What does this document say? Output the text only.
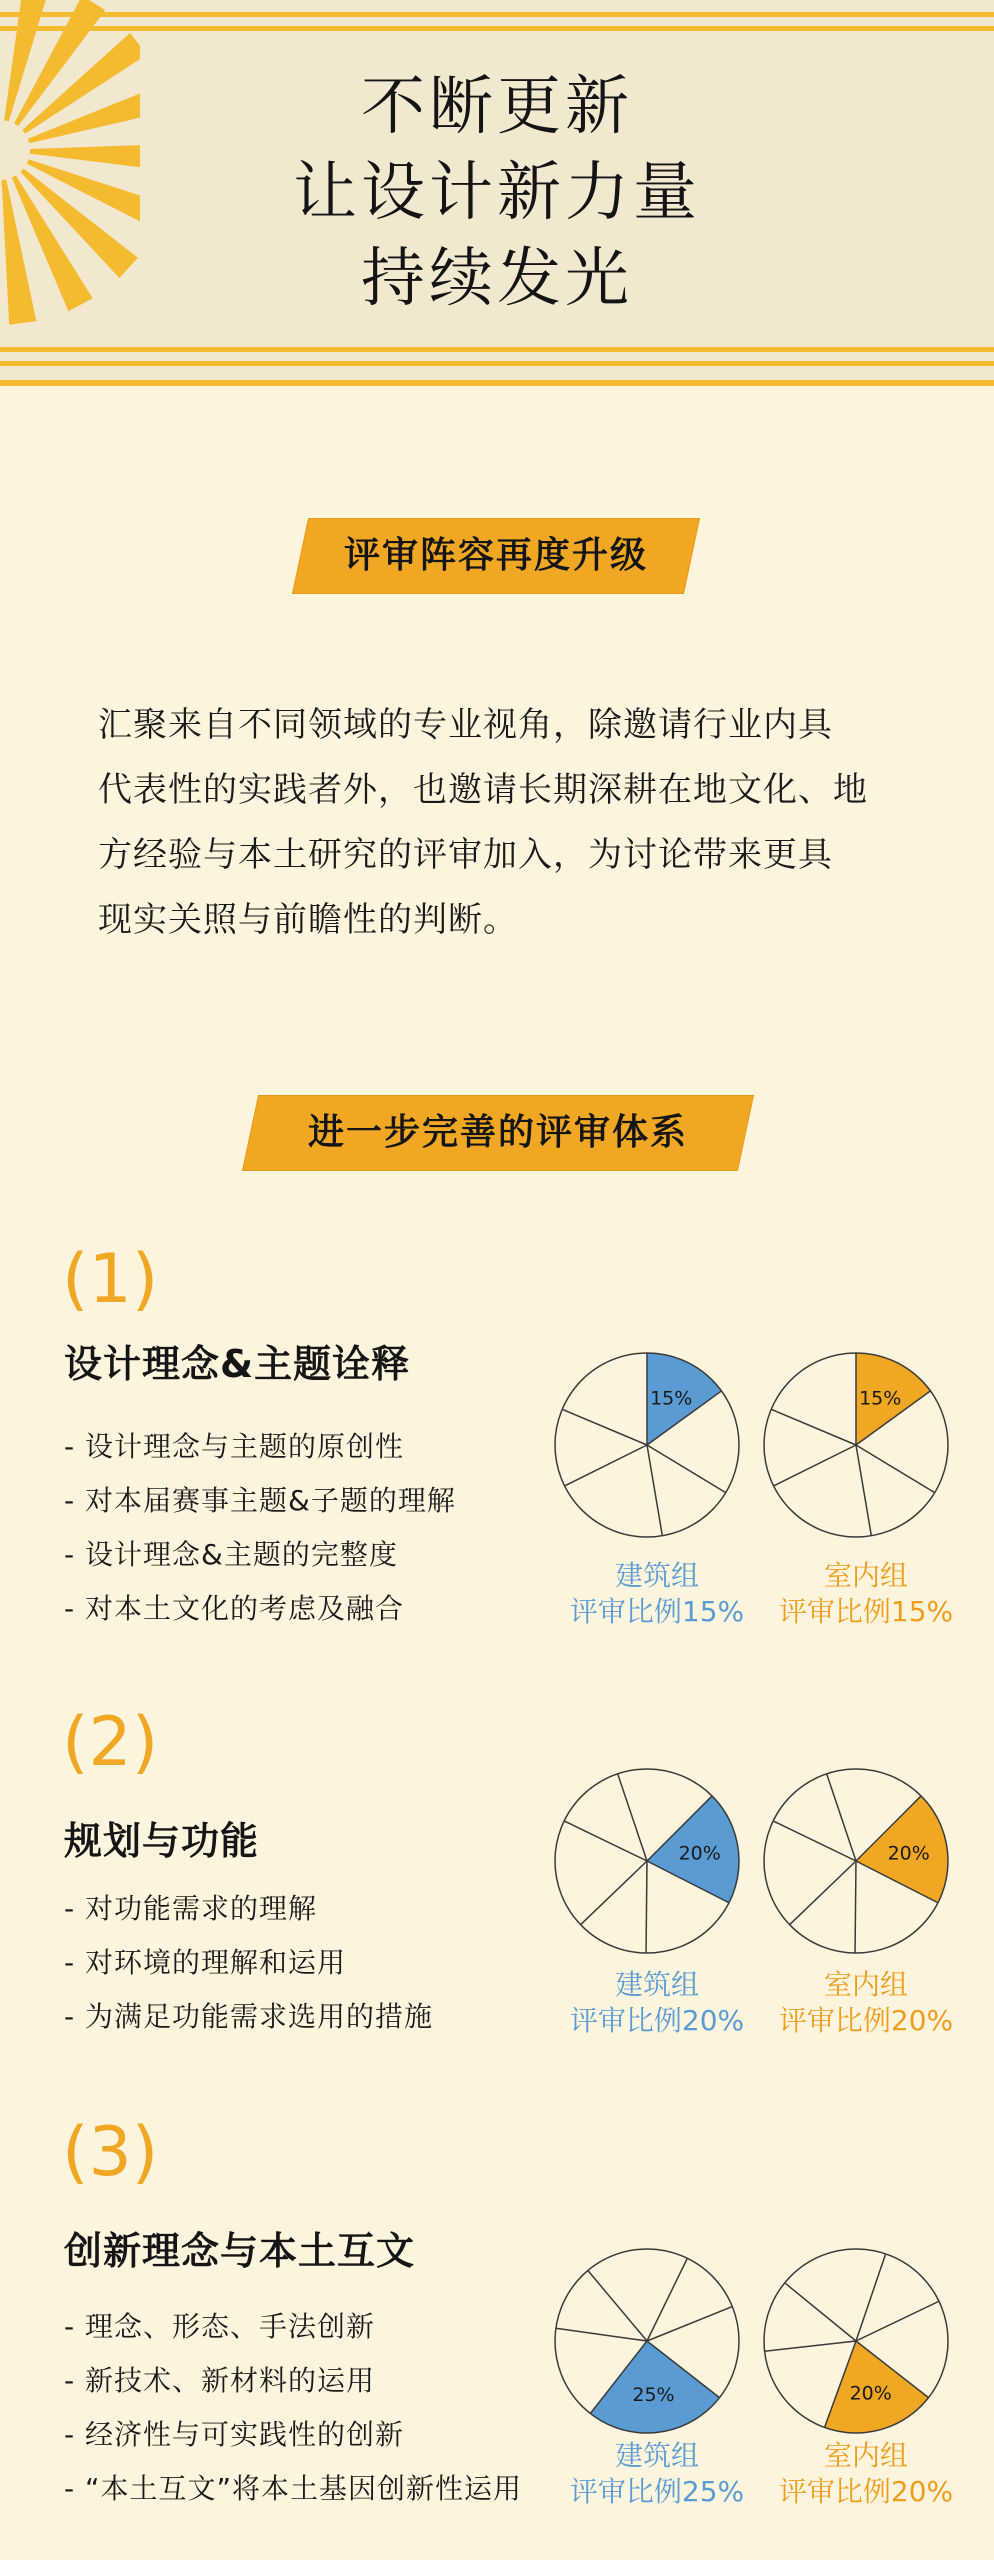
不断更新
让设计新力量
持续发光
评审阵容再度升级
汇聚来自不同领域的专业视角，除邀请行业内具
代表性的实践者外，也邀请长期深耕在地文化、地
方经验与本土研究的评审加入，为讨论带来更具
现实关照与前瞻性的判断。
进一步完善的评审体系
(1)
设计理念&主题诠释
- 设计理念与主题的原创性
- 对本届赛事主题&子题的理解
- 设计理念&主题的完整度
- 对本土文化的考虑及融合
15%	15%
建筑组
评审比例15%
室内组
评审比例15%
(2)
规划与功能
- 对功能需求的理解
- 对环境的理解和运用
- 为满足功能需求选用的措施
20%	20%
建筑组
评审比例20%
室内组
评审比例20%
(3)
创新理念与本土互文
- 理念、形态、手法创新
- 新技术、新材料的运用
- 经济性与可实践性的创新
- “本土互文”将本土基因创新性运用
25%	20%
建筑组
评审比例25%
室内组
评审比例20%
